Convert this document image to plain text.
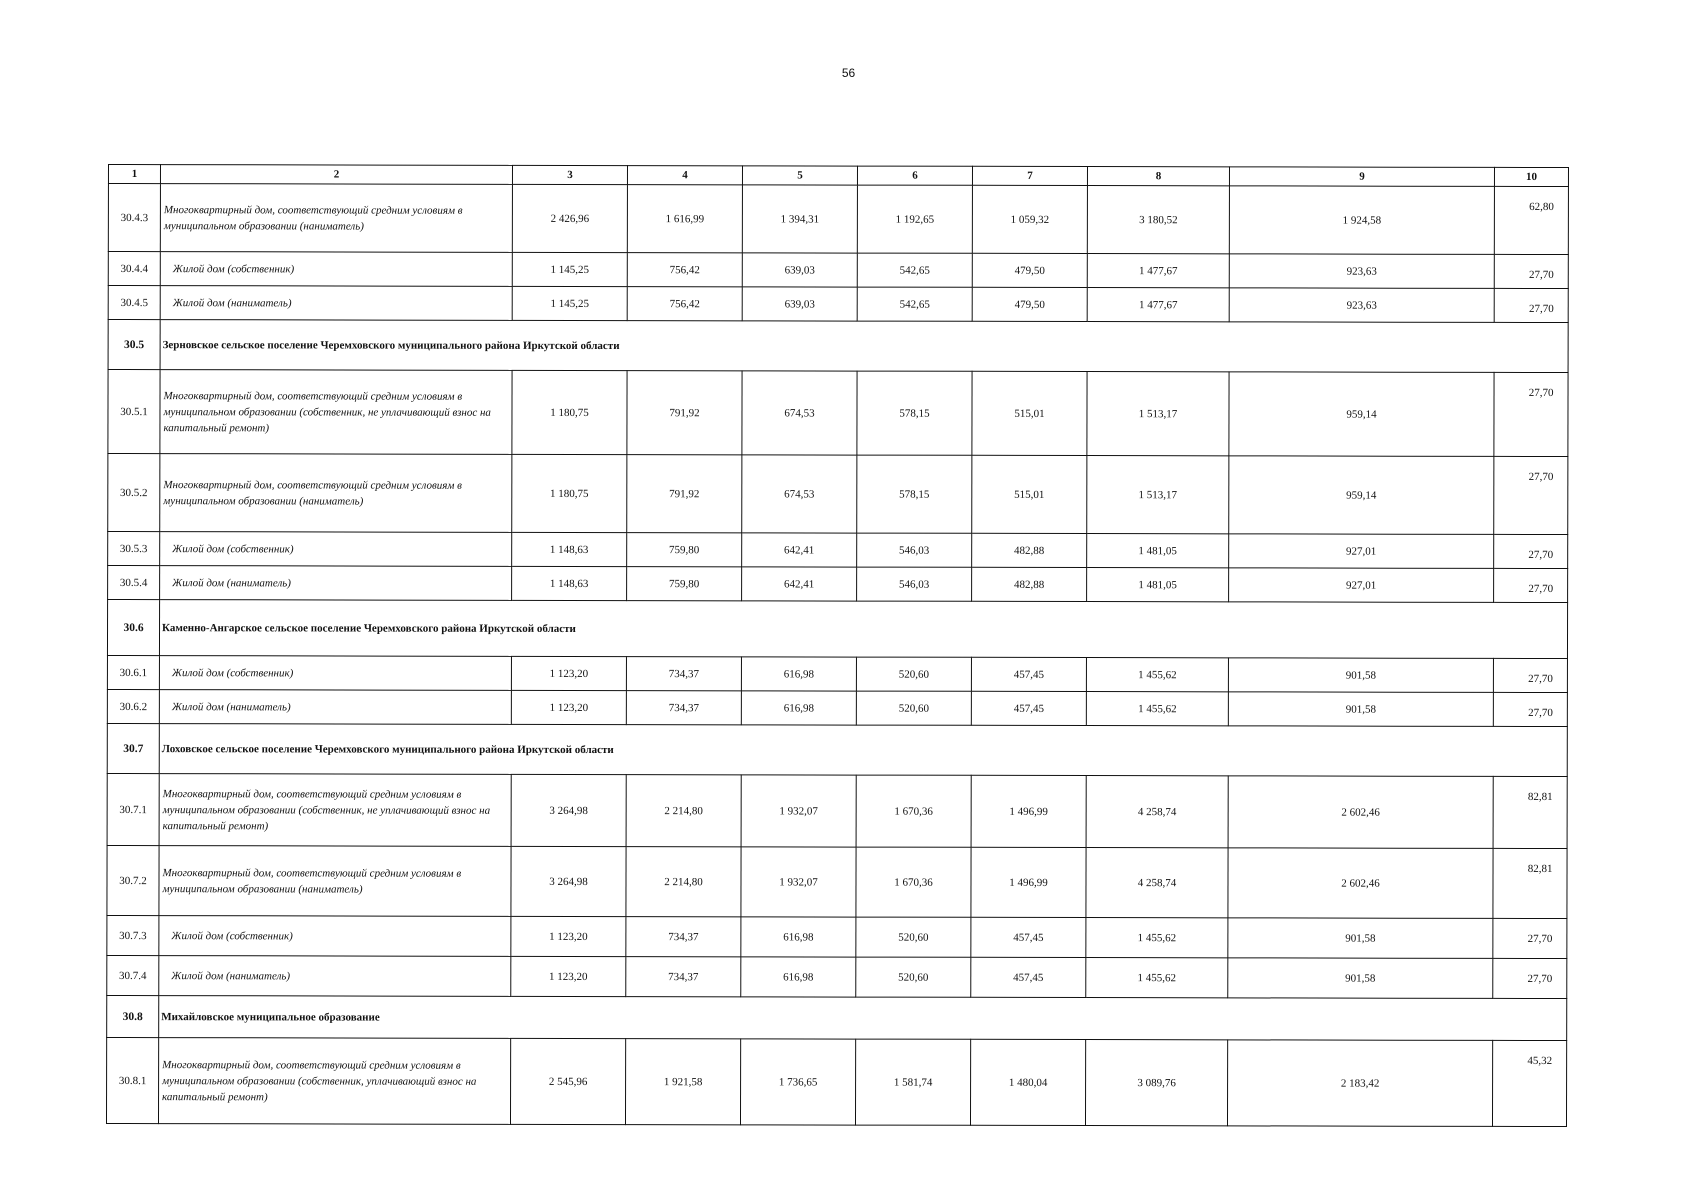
56
1	2	3	4	5	6	7	8	9	10
30.4.3	Многоквартирный дом, соответствующий средним условиям в муниципальном образовании (наниматель)	2 426,96	1 616,99	1 394,31	1 192,65	1 059,32	3 180,52	1 924,58	62,80
30.4.4	Жилой дом (собственник)	1 145,25	756,42	639,03	542,65	479,50	1 477,67	923,63	27,70
30.4.5	Жилой дом (наниматель)	1 145,25	756,42	639,03	542,65	479,50	1 477,67	923,63	27,70
30.5	Зерновское сельское поселение Черемховского муниципального района Иркутской области								
30.5.1	Многоквартирный дом, соответствующий средним условиям в муниципальном образовании (собственник, не уплачивающий взнос на капитальный ремонт)	1 180,75	791,92	674,53	578,15	515,01	1 513,17	959,14	27,70
30.5.2	Многоквартирный дом, соответствующий средним условиям в муниципальном образовании (наниматель)	1 180,75	791,92	674,53	578,15	515,01	1 513,17	959,14	27,70
30.5.3	Жилой дом (собственник)	1 148,63	759,80	642,41	546,03	482,88	1 481,05	927,01	27,70
30.5.4	Жилой дом (наниматель)	1 148,63	759,80	642,41	546,03	482,88	1 481,05	927,01	27,70
30.6	Каменно-Ангарское сельское поселение Черемховского района Иркутской области								
30.6.1	Жилой дом (собственник)	1 123,20	734,37	616,98	520,60	457,45	1 455,62	901,58	27,70
30.6.2	Жилой дом (наниматель)	1 123,20	734,37	616,98	520,60	457,45	1 455,62	901,58	27,70
30.7	Лоховское сельское поселение Черемховского муниципального района Иркутской области								
30.7.1	Многоквартирный дом, соответствующий средним условиям в муниципальном образовании (собственник, не уплачивающий взнос на капитальный ремонт)	3 264,98	2 214,80	1 932,07	1 670,36	1 496,99	4 258,74	2 602,46	82,81
30.7.2	Многоквартирный дом, соответствующий средним условиям в муниципальном образовании (наниматель)	3 264,98	2 214,80	1 932,07	1 670,36	1 496,99	4 258,74	2 602,46	82,81
30.7.3	Жилой дом (собственник)	1 123,20	734,37	616,98	520,60	457,45	1 455,62	901,58	27,70
30.7.4	Жилой дом (наниматель)	1 123,20	734,37	616,98	520,60	457,45	1 455,62	901,58	27,70
30.8	Михайловское муниципальное образование								
30.8.1	Многоквартирный дом, соответствующий средним условиям в муниципальном образовании (собственник, уплачивающий взнос на капитальный ремонт)	2 545,96	1 921,58	1 736,65	1 581,74	1 480,04	3 089,76	2 183,42	45,32
